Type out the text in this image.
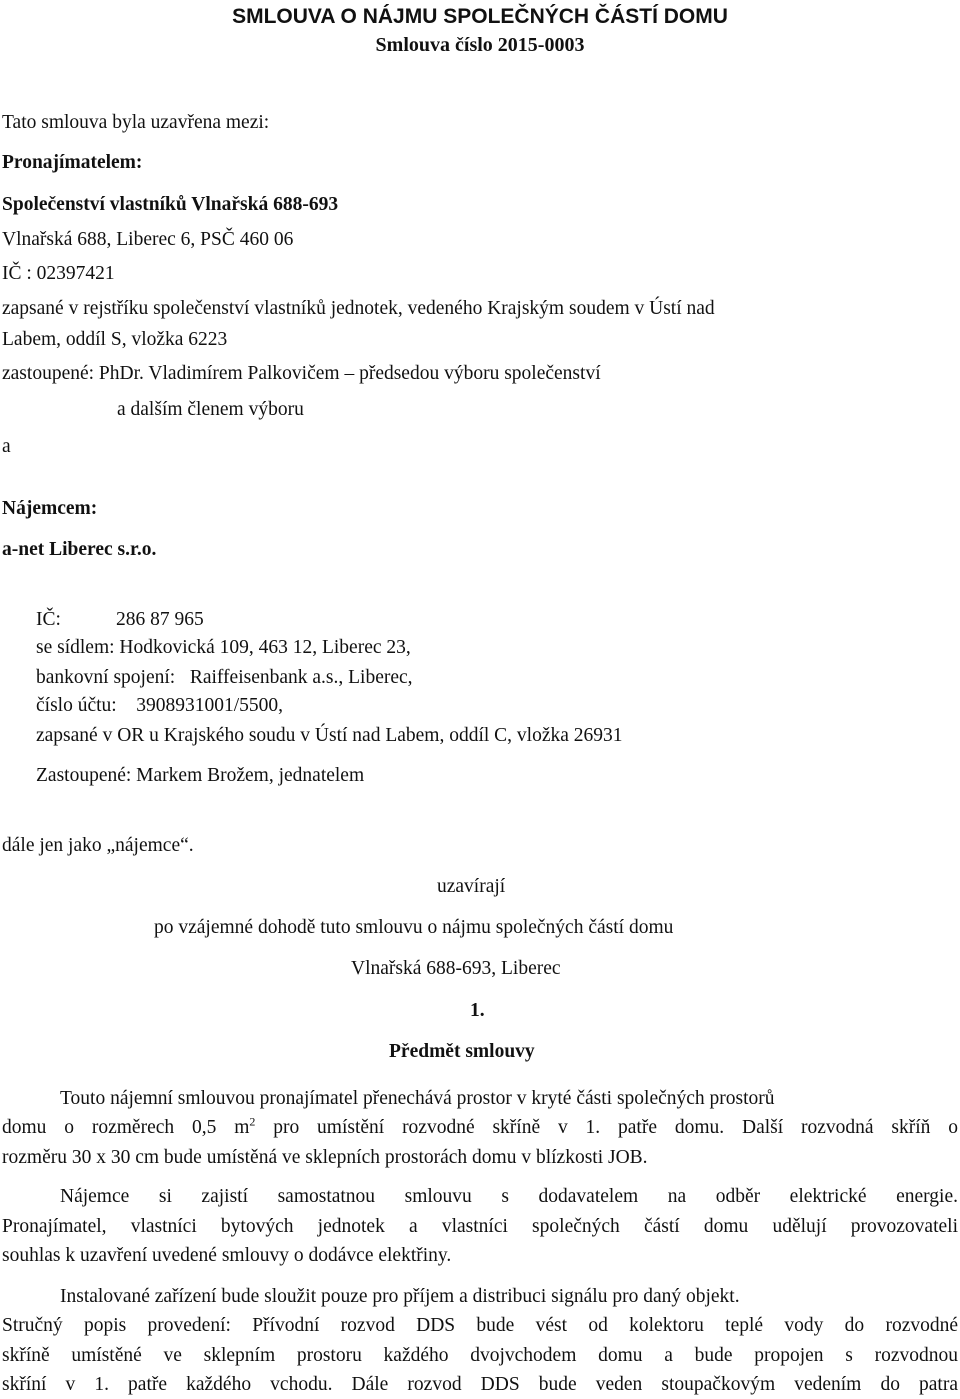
SMLOUVA O NÁJMU SPOLEČNÝCH ČÁSTÍ DOMU
Smlouva číslo 2015-0003
Tato smlouva byla uzavřena mezi:
Pronajímatelem:
Společenství vlastníků Vlnařská 688-693
Vlnařská 688, Liberec 6, PSČ 460 06
IČ : 02397421
zapsané v rejstříku společenství vlastníků jednotek, vedeného Krajským soudem v Ústí nad
Labem, oddíl S, vložka 6223
zastoupené: PhDr. Vladimírem Palkovičem – předsedou výboru společenství
a dalším členem výboru
a
Nájemcem:
a-net Liberec s.r.o.
IČ:	286 87 965
se sídlem: Hodkovická 109, 463 12, Liberec 23,
bankovní spojení: Raiffeisenbank a.s., Liberec,
číslo účtu: 3908931001/5500,
zapsané v OR u Krajského soudu v Ústí nad Labem, oddíl C, vložka 26931
Zastoupené: Markem Brožem, jednatelem
dále jen jako „nájemce“.
uzavírají
po vzájemné dohodě tuto smlouvu o nájmu společných částí domu
Vlnařská 688-693, Liberec
1.
Předmět smlouvy
Touto nájemní smlouvou pronajímatel přenechává prostor v kryté části společných prostorů
domu o rozměrech 0,5 $m^2$ pro umístění rozvodné skříně v 1. patře domu. Další rozvodná skříň o
rozměru 30 x 30 cm bude umístěná ve sklepních prostorách domu v blízkosti JOB.
Nájemce si zajistí samostatnou smlouvu s dodavatelem na odběr elektrické energie.
Pronajímatel, vlastníci bytových jednotek a vlastníci společných částí domu udělují provozovateli
souhlas k uzavření uvedené smlouvy o dodávce elektřiny.
Instalované zařízení bude sloužit pouze pro příjem a distribuci signálu pro daný objekt.
Stručný popis provedení: Přívodní rozvod DDS bude vést od kolektoru teplé vody do rozvodné
skříně umístěné ve sklepním prostoru každého dvojvchodem domu a bude propojen s rozvodnou
skříní v 1. patře každého vchodu. Dále rozvod DDS bude veden stoupačkovým vedením do patra
